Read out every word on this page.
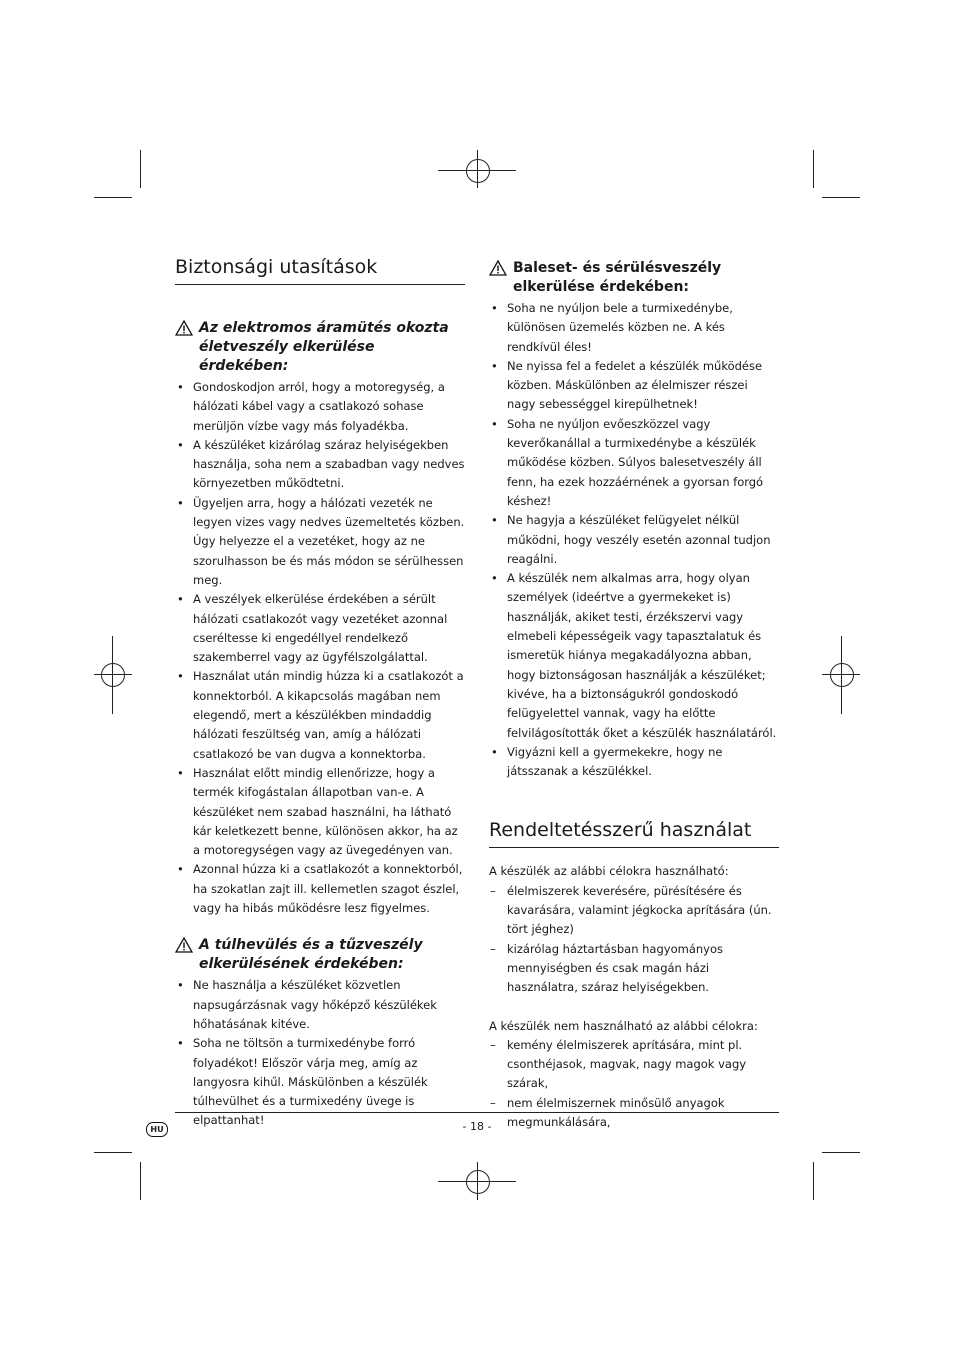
Biztonsági utasítások
Az elektromos áramütés okozta életveszély elkerülése érdekében:
• Gondoskodjon arról, hogy a motoregység, a hálózati kábel vagy a csatlakozó sohase merüljön vízbe vagy más folyadékba.
• A készüléket kizárólag száraz helyiségekben használja, soha nem a szabadban vagy nedves környezetben működtetni.
• Ügyeljen arra, hogy a hálózati vezeték ne legyen vizes vagy nedves üzemeltetés közben. Úgy helyezze el a vezetéket, hogy az ne szorulhasson be és más módon se sérülhessen meg.
• A veszélyek elkerülése érdekében a sérült hálózati csatlakozót vagy vezetéket azonnal cseréltesse ki engedéllyel rendelkező szakemberrel vagy az ügyfélszolgálattal.
• Használat után mindig húzza ki a csatlakozót a konnektorból. A kikapcsolás magában nem elegendő, mert a készülékben mindaddig hálózati feszültség van, amíg a hálózati csatlakozó be van dugva a konnektorba.
• Használat előtt mindig ellenőrizze, hogy a termék kifogástalan állapotban van-e. A készüléket nem szabad használni, ha látható kár keletkezett benne, különösen akkor, ha az a motoregységen vagy az üvegedényen van.
• Azonnal húzza ki a csatlakozót a konnektorból, ha szokatlan zajt ill. kellemetlen szagot észlel, vagy ha hibás működésre lesz figyelmes.
A túlhevülés és a tűzveszély elkerülésének érdekében:
• Ne használja a készüléket közvetlen napsugárzásnak vagy hőképző készülékek hőhatásának kitéve.
• Soha ne töltsön a turmixedénybe forró folyadékot! Először várja meg, amíg az langyosra kihűl. Máskülönben a készülék túlhevülhet és a turmixedény üvege is elpattanhat!
Baleset- és sérülésveszély elkerülése érdekében:
• Soha ne nyúljon bele a turmixedénybe, különösen üzemelés közben ne. A kés rendkívül éles!
• Ne nyissa fel a fedelet a készülék működése közben. Máskülönben az élelmiszer részei nagy sebességgel kirepülhetnek!
• Soha ne nyúljon evőeszközzel vagy keverőkanállal a turmixedénybe a készülék működése közben. Súlyos balesetveszély áll fenn, ha ezek hozzáérnének a gyorsan forgó késhez!
• Ne hagyja a készüléket felügyelet nélkül működni, hogy veszély esetén azonnal tudjon reagálni.
• A készülék nem alkalmas arra, hogy olyan személyek (ideértve a gyermekeket is) használják, akiket testi, érzékszervi vagy elmebeli képességeik vagy tapasztalatuk és ismeretük hiánya megakadályozna abban, hogy biztonságosan használják a készüléket; kivéve, ha a biztonságukról gondoskodó felügyelettel vannak, vagy ha előtte felvilágosították őket a készülék használatáról.
• Vigyázni kell a gyermekekre, hogy ne játsszanak a készülékkel.
Rendeltetésszerű használat

A készülék az alábbi célokra használható:

– élelmiszerek keverésére, pürésítésére és kavarására, valamint jégkocka aprítására (ún. tört jéghez)
– kizárólag háztartásban hagyományos mennyiségben és csak magán házi használatra, száraz helyiségekben.

A készülék nem használható az alábbi célokra:

– kemény élelmiszerek aprítására, mint pl. csonthéjasok, magvak, nagy magok vagy szárak,
– nem élelmiszernek minősülő anyagok megmunkálására,
HU	- 18 -
